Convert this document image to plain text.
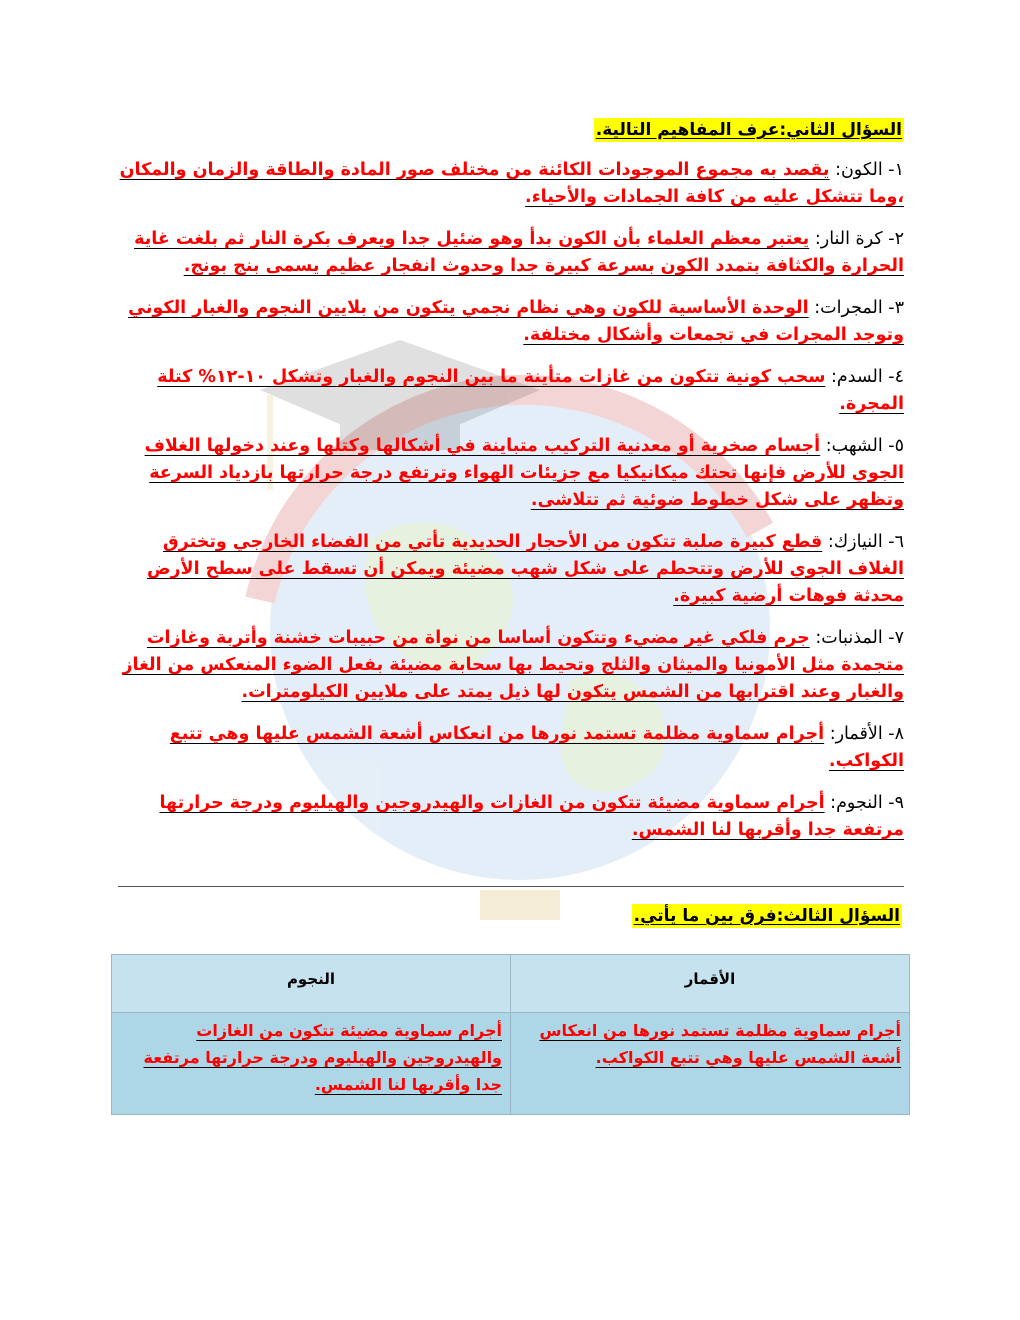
السؤال الثاني:عرف المفاهيم التالية.
١- الكون: يقصد به مجموع الموجودات الكائنة من مختلف صور المادة والطاقة والزمان والمكان ،وما تتشكل عليه من كافة الجمادات والأحياء.
٢- كرة النار: يعتبر معظم العلماء بأن الكون بدأ وهو ضئيل جدا ويعرف بكرة النار ثم بلغت غاية الحرارة والكثافة بتمدد الكون بسرعة كبيرة جدا وحدوث انفجار عظيم يسمى بنج بونج.
٣- المجرات: الوحدة الأساسية للكون وهي نظام نجمي يتكون من بلايين النجوم والغبار الكوني وتوجد المجرات في تجمعات وأشكال مختلفة.
٤- السدم: سحب كونية تتكون من غازات متأينة ما بين النجوم والغبار وتشكل ١٠-١٢% كتلة المجرة.
٥- الشهب: أجسام صخرية أو معدنية التركيب متباينة في أشكالها وكتلها وعند دخولها الغلاف الجوي للأرض فإنها تحتك ميكانيكيا مع جزيئات الهواء وترتفع درجة حرارتها بازدياد السرعة وتظهر على شكل خطوط ضوئية ثم تتلاشى.
٦- النيازك: قطع كبيرة صلبة تتكون من الأحجار الحديدية تأتي من الفضاء الخارجي وتخترق الغلاف الجوي للأرض وتتحطم على شكل شهب مضيئة ويمكن أن تسقط على سطح الأرض محدثة فوهات أرضية كبيرة.
٧- المذنبات: جرم فلكي غير مضيء وتتكون أساسا من نواة من حبيبات خشنة وأتربة وغازات متجمدة مثل الأمونيا والميثان والثلج وتحيط بها سحابة مضيئة بفعل الضوء المنعكس من الغاز والغبار وعند اقترابها من الشمس يتكون لها ذيل يمتد على ملايين الكيلومترات.
٨- الأقمار: أجرام سماوية مظلمة تستمد نورها من انعكاس أشعة الشمس عليها وهي تتبع الكواكب.
٩- النجوم: أجرام سماوية مضيئة تتكون من الغازات والهيدروجين والهيليوم ودرجة حرارتها مرتفعة جدا وأقربها لنا الشمس.
السؤال الثالث:فرق بين ما يأتي.
الأقمار	النجوم
أجرام سماوية مظلمة تستمد نورها من انعكاس أشعة الشمس عليها وهي تتبع الكواكب.	أجرام سماوية مضيئة تتكون من الغازات والهيدروجين والهيليوم ودرجة حرارتها مرتفعة جدا وأقربها لنا الشمس.
